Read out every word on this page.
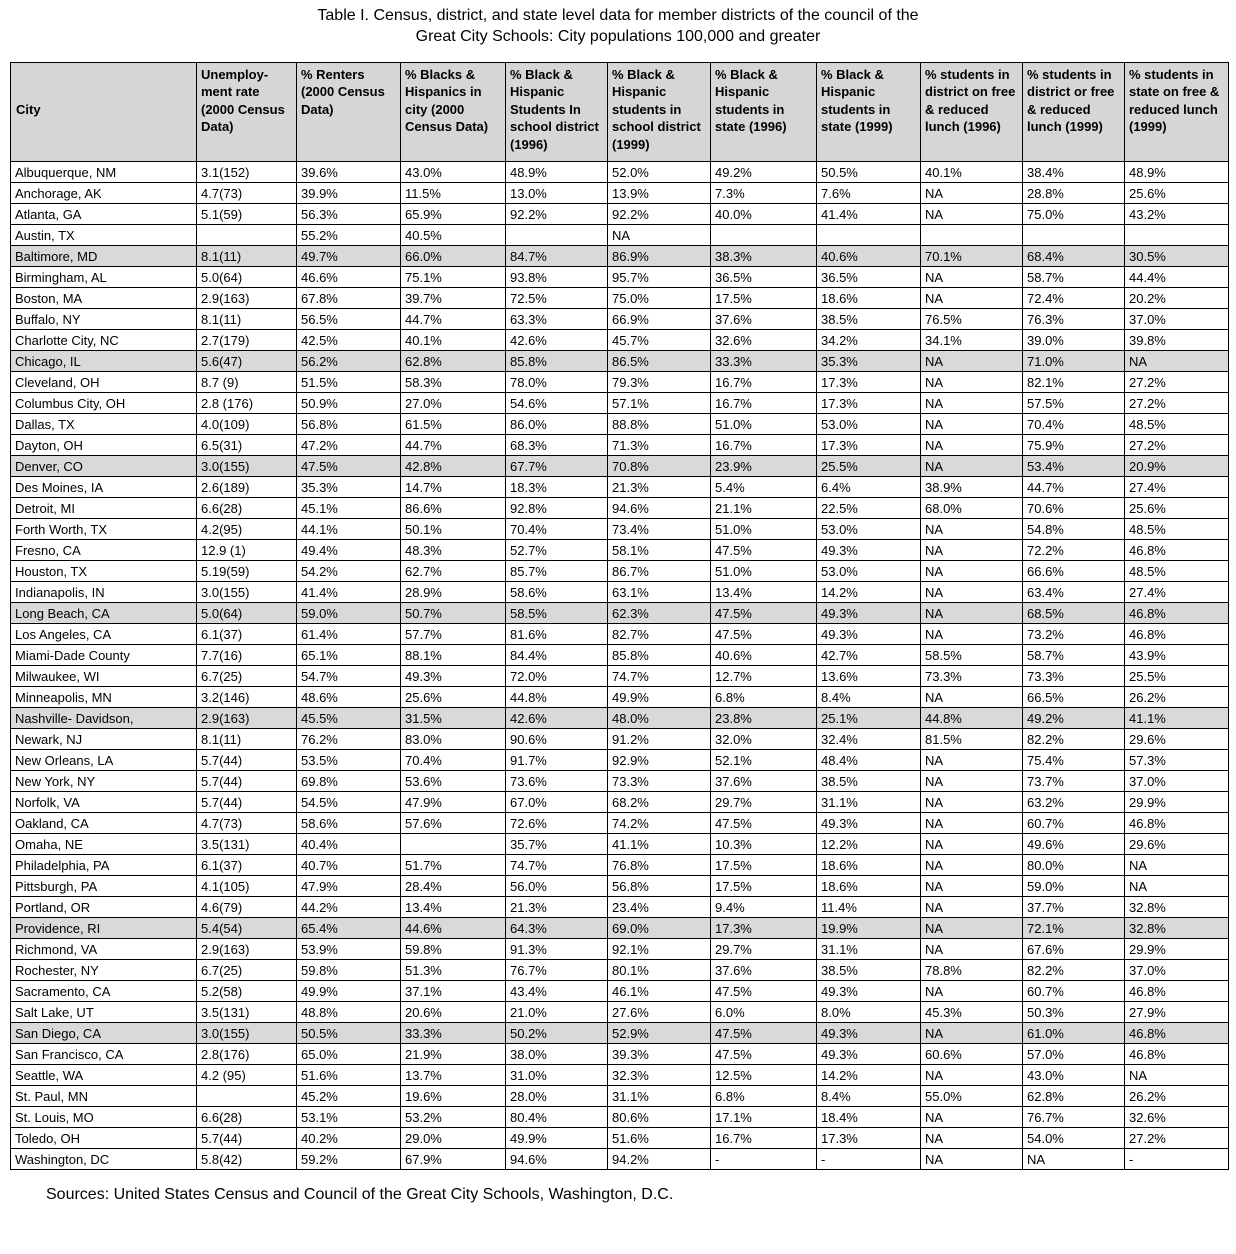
Table I. Census, district, and state level data for member districts of the council of the
Great City Schools: City populations 100,000 and greater
City	Unemploy-ment rate (2000 Census Data)	% Renters (2000 Census Data)	% Blacks & Hispanics in city (2000 Census Data)	% Black & Hispanic Students In school district (1996)	% Black & Hispanic students in school district (1999)	% Black & Hispanic students in state (1996)	% Black & Hispanic students in state (1999)	% students in district on free & reduced lunch (1996)	% students in district or free & reduced lunch (1999)	% students in state on free & reduced lunch (1999)
Albuquerque, NM	3.1(152)	39.6%	43.0%	48.9%	52.0%	49.2%	50.5%	40.1%	38.4%	48.9%
Anchorage, AK	4.7(73)	39.9%	11.5%	13.0%	13.9%	7.3%	7.6%	NA	28.8%	25.6%
Atlanta, GA	5.1(59)	56.3%	65.9%	92.2%	92.2%	40.0%	41.4%	NA	75.0%	43.2%
Austin, TX		55.2%	40.5%		NA					
Baltimore, MD	8.1(11)	49.7%	66.0%	84.7%	86.9%	38.3%	40.6%	70.1%	68.4%	30.5%
Birmingham, AL	5.0(64)	46.6%	75.1%	93.8%	95.7%	36.5%	36.5%	NA	58.7%	44.4%
Boston, MA	2.9(163)	67.8%	39.7%	72.5%	75.0%	17.5%	18.6%	NA	72.4%	20.2%
Buffalo, NY	8.1(11)	56.5%	44.7%	63.3%	66.9%	37.6%	38.5%	76.5%	76.3%	37.0%
Charlotte City, NC	2.7(179)	42.5%	40.1%	42.6%	45.7%	32.6%	34.2%	34.1%	39.0%	39.8%
Chicago, IL	5.6(47)	56.2%	62.8%	85.8%	86.5%	33.3%	35.3%	NA	71.0%	NA
Cleveland, OH	8.7 (9)	51.5%	58.3%	78.0%	79.3%	16.7%	17.3%	NA	82.1%	27.2%
Columbus City, OH	2.8 (176)	50.9%	27.0%	54.6%	57.1%	16.7%	17.3%	NA	57.5%	27.2%
Dallas, TX	4.0(109)	56.8%	61.5%	86.0%	88.8%	51.0%	53.0%	NA	70.4%	48.5%
Dayton, OH	6.5(31)	47.2%	44.7%	68.3%	71.3%	16.7%	17.3%	NA	75.9%	27.2%
Denver, CO	3.0(155)	47.5%	42.8%	67.7%	70.8%	23.9%	25.5%	NA	53.4%	20.9%
Des Moines, IA	2.6(189)	35.3%	14.7%	18.3%	21.3%	5.4%	6.4%	38.9%	44.7%	27.4%
Detroit, MI	6.6(28)	45.1%	86.6%	92.8%	94.6%	21.1%	22.5%	68.0%	70.6%	25.6%
Forth Worth, TX	4.2(95)	44.1%	50.1%	70.4%	73.4%	51.0%	53.0%	NA	54.8%	48.5%
Fresno, CA	12.9 (1)	49.4%	48.3%	52.7%	58.1%	47.5%	49.3%	NA	72.2%	46.8%
Houston, TX	5.19(59)	54.2%	62.7%	85.7%	86.7%	51.0%	53.0%	NA	66.6%	48.5%
Indianapolis, IN	3.0(155)	41.4%	28.9%	58.6%	63.1%	13.4%	14.2%	NA	63.4%	27.4%
Long Beach, CA	5.0(64)	59.0%	50.7%	58.5%	62.3%	47.5%	49.3%	NA	68.5%	46.8%
Los Angeles, CA	6.1(37)	61.4%	57.7%	81.6%	82.7%	47.5%	49.3%	NA	73.2%	46.8%
Miami-Dade County	7.7(16)	65.1%	88.1%	84.4%	85.8%	40.6%	42.7%	58.5%	58.7%	43.9%
Milwaukee, WI	6.7(25)	54.7%	49.3%	72.0%	74.7%	12.7%	13.6%	73.3%	73.3%	25.5%
Minneapolis, MN	3.2(146)	48.6%	25.6%	44.8%	49.9%	6.8%	8.4%	NA	66.5%	26.2%
Nashville- Davidson,	2.9(163)	45.5%	31.5%	42.6%	48.0%	23.8%	25.1%	44.8%	49.2%	41.1%
Newark, NJ	8.1(11)	76.2%	83.0%	90.6%	91.2%	32.0%	32.4%	81.5%	82.2%	29.6%
New Orleans, LA	5.7(44)	53.5%	70.4%	91.7%	92.9%	52.1%	48.4%	NA	75.4%	57.3%
New York, NY	5.7(44)	69.8%	53.6%	73.6%	73.3%	37.6%	38.5%	NA	73.7%	37.0%
Norfolk, VA	5.7(44)	54.5%	47.9%	67.0%	68.2%	29.7%	31.1%	NA	63.2%	29.9%
Oakland, CA	4.7(73)	58.6%	57.6%	72.6%	74.2%	47.5%	49.3%	NA	60.7%	46.8%
Omaha, NE	3.5(131)	40.4%		35.7%	41.1%	10.3%	12.2%	NA	49.6%	29.6%
Philadelphia, PA	6.1(37)	40.7%	51.7%	74.7%	76.8%	17.5%	18.6%	NA	80.0%	NA
Pittsburgh, PA	4.1(105)	47.9%	28.4%	56.0%	56.8%	17.5%	18.6%	NA	59.0%	NA
Portland, OR	4.6(79)	44.2%	13.4%	21.3%	23.4%	9.4%	11.4%	NA	37.7%	32.8%
Providence, RI	5.4(54)	65.4%	44.6%	64.3%	69.0%	17.3%	19.9%	NA	72.1%	32.8%
Richmond, VA	2.9(163)	53.9%	59.8%	91.3%	92.1%	29.7%	31.1%	NA	67.6%	29.9%
Rochester, NY	6.7(25)	59.8%	51.3%	76.7%	80.1%	37.6%	38.5%	78.8%	82.2%	37.0%
Sacramento, CA	5.2(58)	49.9%	37.1%	43.4%	46.1%	47.5%	49.3%	NA	60.7%	46.8%
Salt Lake, UT	3.5(131)	48.8%	20.6%	21.0%	27.6%	6.0%	8.0%	45.3%	50.3%	27.9%
San Diego, CA	3.0(155)	50.5%	33.3%	50.2%	52.9%	47.5%	49.3%	NA	61.0%	46.8%
San Francisco, CA	2.8(176)	65.0%	21.9%	38.0%	39.3%	47.5%	49.3%	60.6%	57.0%	46.8%
Seattle, WA	4.2 (95)	51.6%	13.7%	31.0%	32.3%	12.5%	14.2%	NA	43.0%	NA
St. Paul, MN		45.2%	19.6%	28.0%	31.1%	6.8%	8.4%	55.0%	62.8%	26.2%
St. Louis, MO	6.6(28)	53.1%	53.2%	80.4%	80.6%	17.1%	18.4%	NA	76.7%	32.6%
Toledo, OH	5.7(44)	40.2%	29.0%	49.9%	51.6%	16.7%	17.3%	NA	54.0%	27.2%
Washington, DC	5.8(42)	59.2%	67.9%	94.6%	94.2%	-	-	NA	NA	-
Sources: United States Census and Council of the Great City Schools, Washington, D.C.
